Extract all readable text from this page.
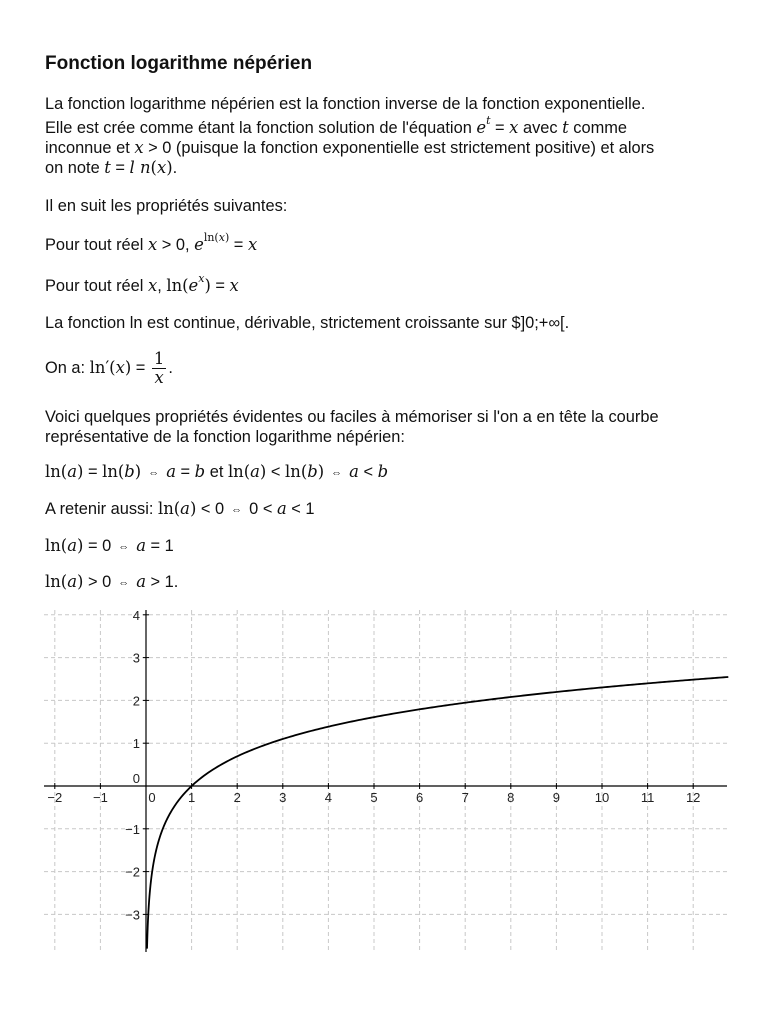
Fonction logarithme népérien
La fonction logarithme népérien est la fonction inverse de la fonction exponentielle.
Elle est crée comme étant la fonction solution de l'équation $e^t = x$ avec t comme
inconnue et x > 0 (puisque la fonction exponentielle est strictement positive) et alors
on note t = l n(x).
Il en suit les propriétés suivantes:
Pour tout réel x > 0, $e^{ln(x)} = x$
Pour tout réel x, $\ln(e^x) = x$
La fonction ln est continue, dérivable, strictement croissante sur $]0;+∞[.
On a: $\ln'(x) = \frac{1}{x}$ .
Voici quelques propriétés évidentes ou faciles à mémoriser si l'on a en tête la courbe
représentative de la fonction logarithme népérien:
ln(a) = ln(b) ⇔ a = b et ln(a) < ln(b) ⇔ a < b
A retenir aussi: ln(a) < 0 ⇔ 0 < a < 1
ln(a) = 0 ⇔ a = 1
ln(a) > 0 ⇔ a > 1.
−2 −1	0 1	2	3	4	5	6	7	8	9	10 11 12
−3
−2
−1
0
1
2
3
4
